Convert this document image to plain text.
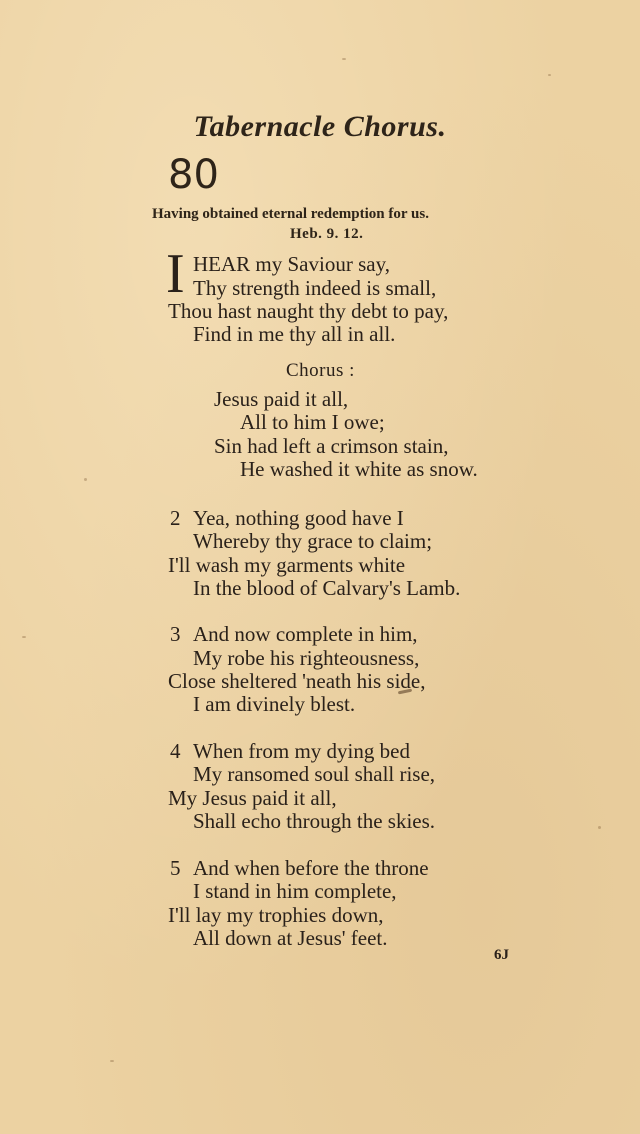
Tabernacle Chorus.
80
Having obtained eternal redemption for us.
Heb. 9. 12.
I HEAR my Saviour say,
Thy strength indeed is small,
Thou hast naught thy debt to pay,
Find in me thy all in all.
Chorus :
Jesus paid it all,
All to him I owe;
Sin had left a crimson stain,
He washed it white as snow.
2 Yea, nothing good have I
Whereby thy grace to claim;
I'll wash my garments white
In the blood of Calvary's Lamb.
3 And now complete in him,
My robe his righteousness,
Close sheltered 'neath his side,
I am divinely blest.
4 When from my dying bed
My ransomed soul shall rise,
My Jesus paid it all,
Shall echo through the skies.
5 And when before the throne
I stand in him complete,
I'll lay my trophies down,
All down at Jesus' feet.
6J
